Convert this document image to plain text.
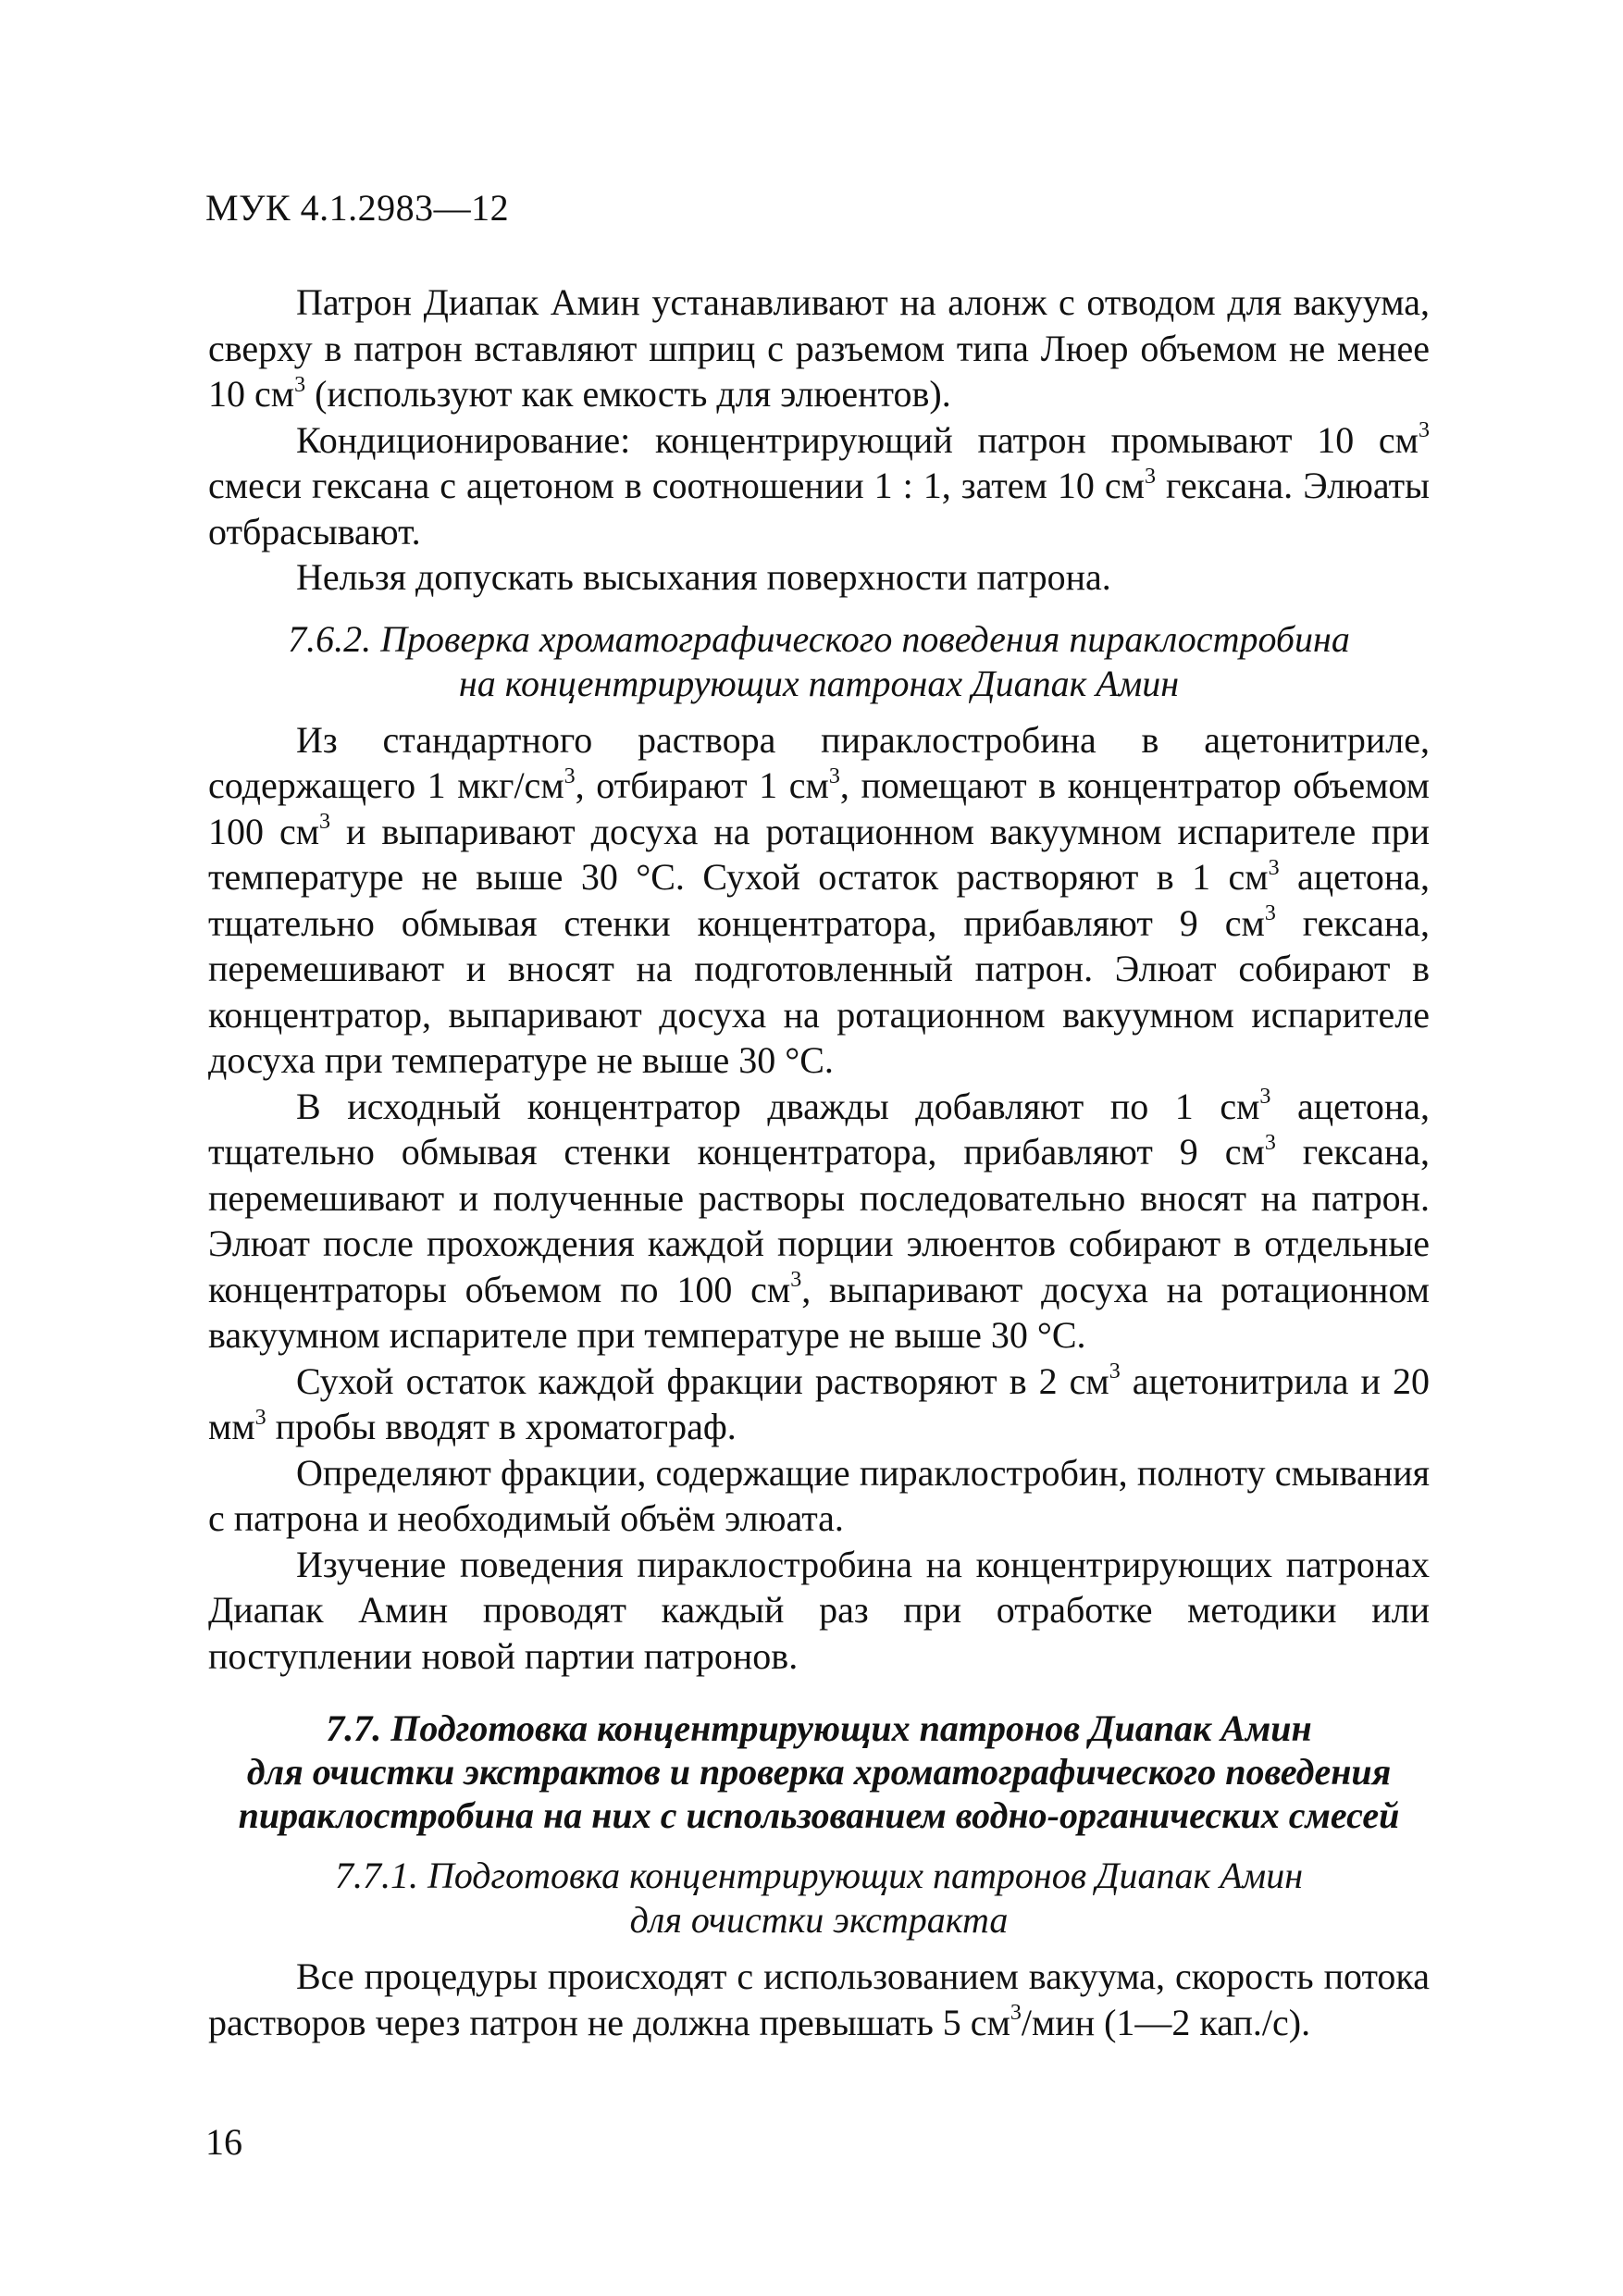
МУК 4.1.2983—12

Патрон Диапак Амин устанавливают на алонж с отводом для вакуума, сверху в патрон вставляют шприц с разъемом типа Люер объемом не менее 10 $см^3$ (используют как емкость для элюентов).

Кондиционирование: концентрирующий патрон промывают 10 $см^3$ смеси гексана с ацетоном в соотношении 1 : 1, затем 10 $см^3$ гексана. Элюаты отбрасывают.

Нельзя допускать высыхания поверхности патрона.

7.6.2. Проверка хроматографического поведения пираклостробина
на концентрирующих патронах Диапак Амин

Из стандартного раствора пираклостробина в ацетонитриле, содержащего 1 мкг/$см^3$, отбирают 1 $см^3$, помещают в концентратор объемом 100 $см^3$ и выпаривают досуха на ротационном вакуумном испарителе при температуре не выше 30 °С. Сухой остаток растворяют в 1 $см^3$ ацетона, тщательно обмывая стенки концентратора, прибавляют 9 $см^3$ гексана, перемешивают и вносят на подготовленный патрон. Элюат собирают в концентратор, выпаривают досуха на ротационном вакуумном испарителе досуха при температуре не выше 30 °С.

В исходный концентратор дважды добавляют по 1 $см^3$ ацетона, тщательно обмывая стенки концентратора, прибавляют 9 $см^3$ гексана, перемешивают и полученные растворы последовательно вносят на патрон. Элюат после прохождения каждой порции элюентов собирают в отдельные концентраторы объемом по 100 $см^3$, выпаривают досуха на ротационном вакуумном испарителе при температуре не выше 30 °С.

Сухой остаток каждой фракции растворяют в 2 $см^3$ ацетонитрила и 20 $мм^3$ пробы вводят в хроматограф.

Определяют фракции, содержащие пираклостробин, полноту смывания с патрона и необходимый объём элюата.

Изучение поведения пираклостробина на концентрирующих патронах Диапак Амин проводят каждый раз при отработке методики или поступлении новой партии патронов.

7.7. Подготовка концентрирующих патронов Диапак Амин
для очистки экстрактов и проверка хроматографического поведения
пираклостробина на них с использованием водно-органических смесей
7.7.1. Подготовка концентрирующих патронов Диапак Амин
для очистки экстракта

Все процедуры происходят с использованием вакуума, скорость потока растворов через патрон не должна превышать 5 $см^3$/мин (1—2 кап./с).

16
